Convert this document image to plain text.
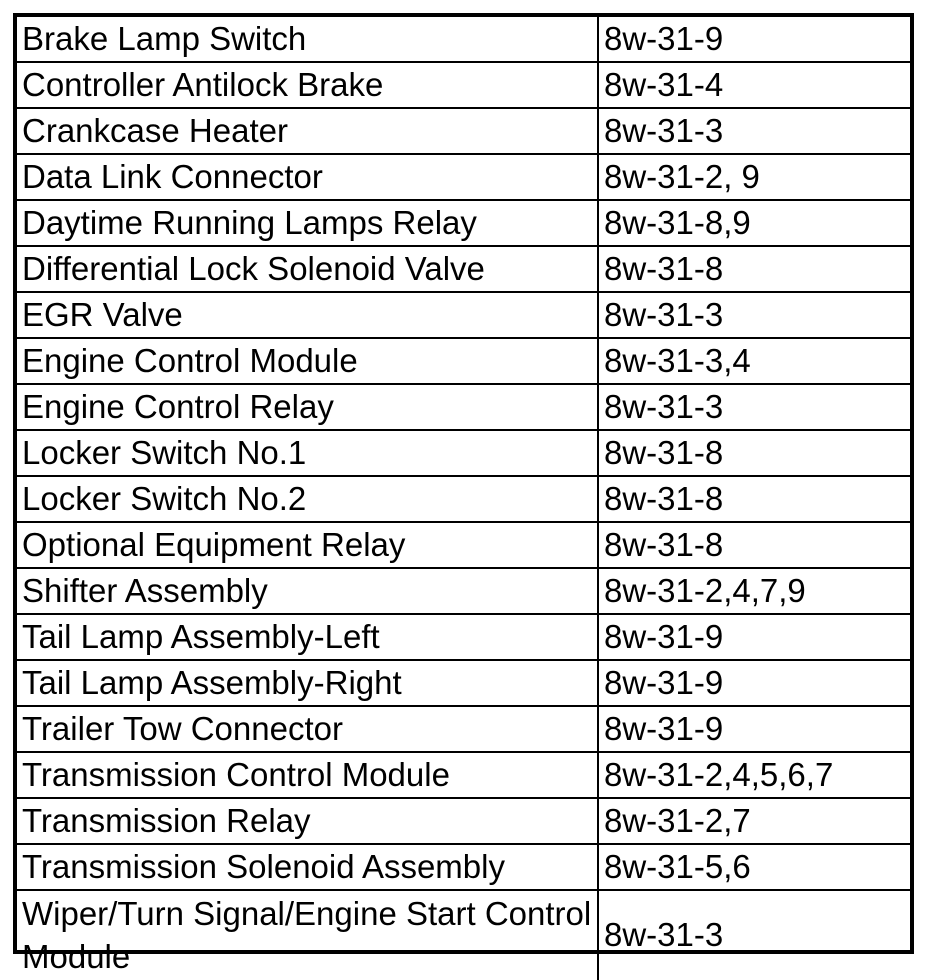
Brake Lamp Switch	8w-31-9
Controller Antilock Brake	8w-31-4
Crankcase Heater	8w-31-3
Data Link Connector	8w-31-2, 9
Daytime Running Lamps Relay	8w-31-8,9
Differential Lock Solenoid Valve	8w-31-8
EGR Valve	8w-31-3
Engine Control Module	8w-31-3,4
Engine Control Relay	8w-31-3
Locker Switch No.1	8w-31-8
Locker Switch No.2	8w-31-8
Optional Equipment Relay	8w-31-8
Shifter Assembly	8w-31-2,4,7,9
Tail Lamp Assembly-Left	8w-31-9
Tail Lamp Assembly-Right	8w-31-9
Trailer Tow Connector	8w-31-9
Transmission Control Module	8w-31-2,4,5,6,7
Transmission Relay	8w-31-2,7
Transmission Solenoid Assembly	8w-31-5,6
Wiper/Turn Signal/Engine Start Control Module	8w-31-3
